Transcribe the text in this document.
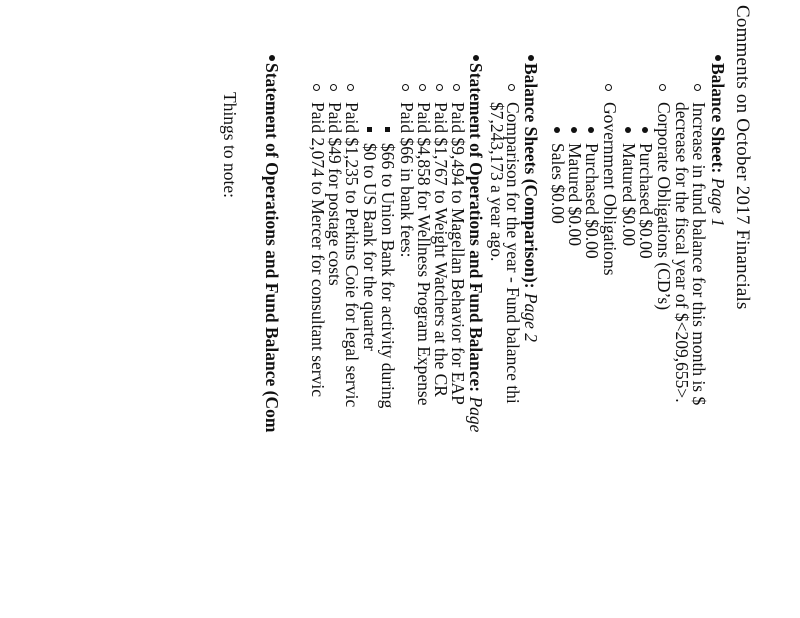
Comments on October 2017 Financials
Balance Sheet: Page 1
Increase in fund balance for this month is $
decrease for the fiscal year of $<209,655>.
Corporate Obligations (CD’s)
Purchased $0.00
Matured $0.00
Government Obligations
Purchased $0.00
Matured $0.00
Sales $0.00
Balance Sheets (Comparison): Page 2
Comparison for the year - Fund balance thi
$7,243,173 a year ago.
Statement of Operations and Fund Balance: Page
Paid $9,494 to Magellan Behavior for EAP
Paid $1,767 to Weight Watchers at the CR
Paid $4,858 for Wellness Program Expense
Paid $66 in bank fees:
$66 to Union Bank for activity during
$0 to US Bank for the quarter
Paid $1,235 to Perkins Coie for legal servic
Paid $49 for postage costs
Paid 2,074 to Mercer for consultant servic
Statement of Operations and Fund Balance (Com
Things to note:
